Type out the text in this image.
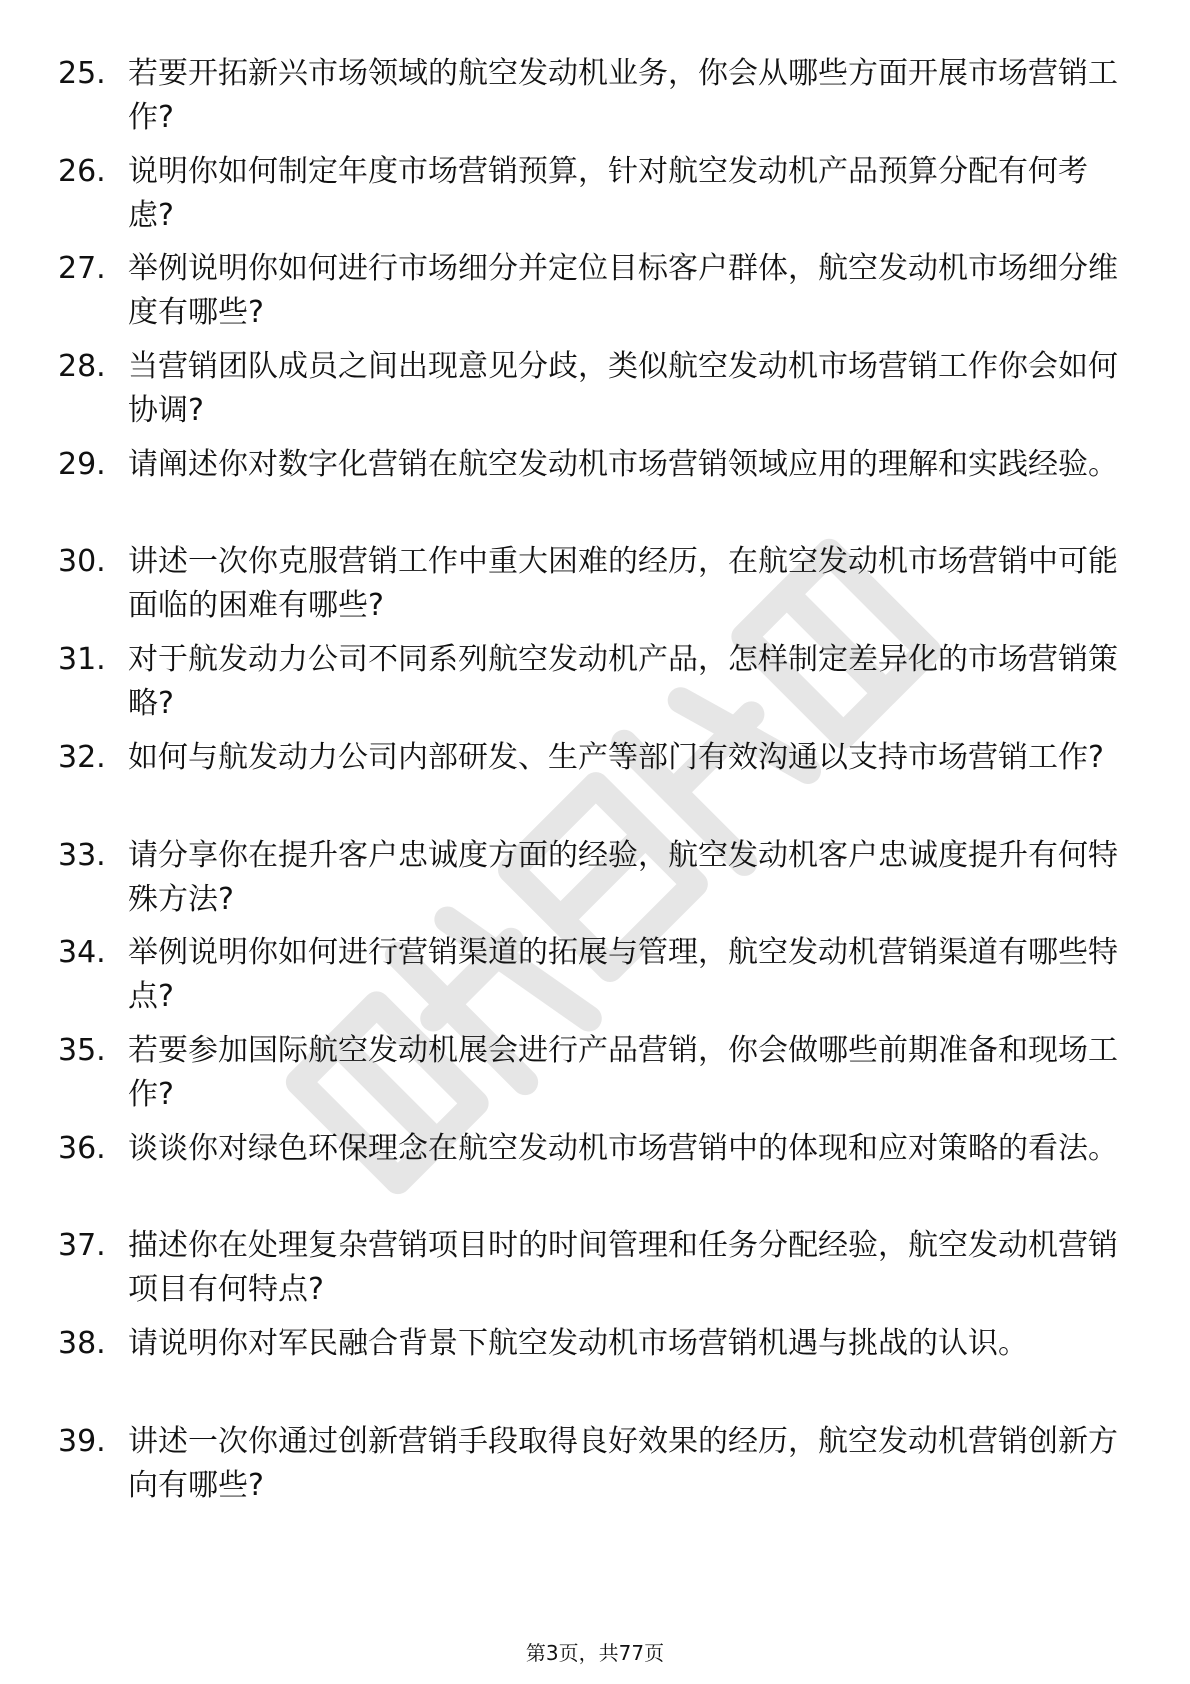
25. 若要开拓新兴市场领域的航空发动机业务，你会从哪些方面开展市场营销工作?
26. 说明你如何制定年度市场营销预算，针对航空发动机产品预算分配有何考虑?
27. 举例说明你如何进行市场细分并定位目标客户群体，航空发动机市场细分维度有哪些?
28. 当营销团队成员之间出现意见分歧，类似航空发动机市场营销工作你会如何协调?
29. 请阐述你对数字化营销在航空发动机市场营销领域应用的理解和实践经验。
30. 讲述一次你克服营销工作中重大困难的经历，在航空发动机市场营销中可能面临的困难有哪些?
31. 对于航发动力公司不同系列航空发动机产品，怎样制定差异化的市场营销策略?
32. 如何与航发动力公司内部研发、生产等部门有效沟通以支持市场营销工作?
33. 请分享你在提升客户忠诚度方面的经验，航空发动机客户忠诚度提升有何特殊方法?
34. 举例说明你如何进行营销渠道的拓展与管理，航空发动机营销渠道有哪些特点?
35. 若要参加国际航空发动机展会进行产品营销，你会做哪些前期准备和现场工作?
36. 谈谈你对绿色环保理念在航空发动机市场营销中的体现和应对策略的看法。
37. 描述你在处理复杂营销项目时的时间管理和任务分配经验，航空发动机营销项目有何特点?
38. 请说明你对军民融合背景下航空发动机市场营销机遇与挑战的认识。
39. 讲述一次你通过创新营销手段取得良好效果的经历，航空发动机营销创新方向有哪些?
第3页，共77页
